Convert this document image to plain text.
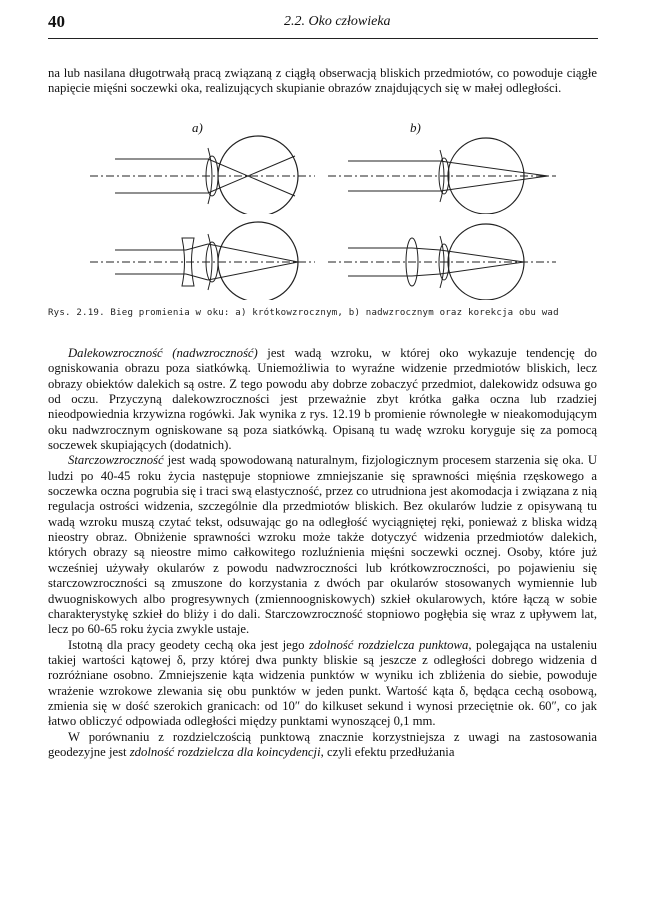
40	2.2. Oko człowieka
na lub nasilana długotrwałą pracą związaną z ciągłą obserwacją bliskich przedmiotów, co powoduje ciągłe napięcie mięśni soczewki oka, realizujących skupianie obrazów znajdujących się w małej odległości.
a)	b)
Rys. 2.19. Bieg promienia w oku: a) krótkowzrocznym, b) nadwzrocznym oraz korekcja obu wad

Dalekowzroczność (nadwzroczność) jest wadą wzroku, w której oko wykazuje tendencję do ogniskowania obrazu poza siatkówką. Uniemożliwia to wyraźne widzenie przedmiotów bliskich, lecz obrazy obiektów dalekich są ostre. Z tego powodu aby dobrze zobaczyć przedmiot, dalekowidz odsuwa go od oczu. Przyczyną dalekowzroczności jest przeważnie zbyt krótka gałka oczna lub rzadziej nieodpowiednia krzywizna rogówki. Jak wynika z rys. 12.19 b promienie równoległe w nieakomodującym oku nadwzrocznym ogniskowane są poza siatkówką. Opisaną tu wadę wzroku koryguje się za pomocą soczewek skupiających (dodatnich).

Starczowzroczność jest wadą spowodowaną naturalnym, fizjologicznym procesem starzenia się oka. U ludzi po 40-45 roku życia następuje stopniowe zmniejszanie się sprawności mięśnia rzęskowego a soczewka oczna pogrubia się i traci swą elastyczność, przez co utrudniona jest akomodacja i związana z nią regulacja ostrości widzenia, szczególnie dla przedmiotów bliskich. Bez okularów ludzie z opisywaną tu wadą wzroku muszą czytać tekst, odsuwając go na odległość wyciągniętej ręki, ponieważ z bliska widzą nieostry obraz. Obniżenie sprawności wzroku może także dotyczyć widzenia przedmiotów dalekich, których obrazy są nieostre mimo całkowitego rozluźnienia mięśni soczewki ocznej. Osoby, które już wcześniej używały okularów z powodu nadwzroczności lub krótkowzroczności, po pojawieniu się starczowzroczności są zmuszone do korzystania z dwóch par okularów stosowanych wymiennie lub dwuogniskowych albo progresywnych (zmiennoogniskowych) szkieł okularowych, które łączą w sobie charakterystykę szkieł do bliży i do dali. Starczowzroczność stopniowo pogłębia się wraz z upływem lat, lecz po 60-65 roku życia zwykle ustaje.

Istotną dla pracy geodety cechą oka jest jego zdolność rozdzielcza punktowa, polegająca na ustaleniu takiej wartości kątowej δ, przy której dwa punkty bliskie są jeszcze z odległości dobrego widzenia d rozróżniane osobno. Zmniejszenie kąta widzenia punktów w wyniku ich zbliżenia do siebie, powoduje wrażenie wzrokowe zlewania się obu punktów w jeden punkt. Wartość kąta δ, będąca cechą osobową, zmienia się w dość szerokich granicach: od 10″ do kilkuset sekund i wynosi przeciętnie ok. 60″, co jak łatwo obliczyć odpowiada odległości między punktami wynoszącej 0,1 mm.

W porównaniu z rozdzielczością punktową znacznie korzystniejsza z uwagi na zastosowania geodezyjne jest zdolność rozdzielcza dla koincydencji, czyli efektu przedłużania
